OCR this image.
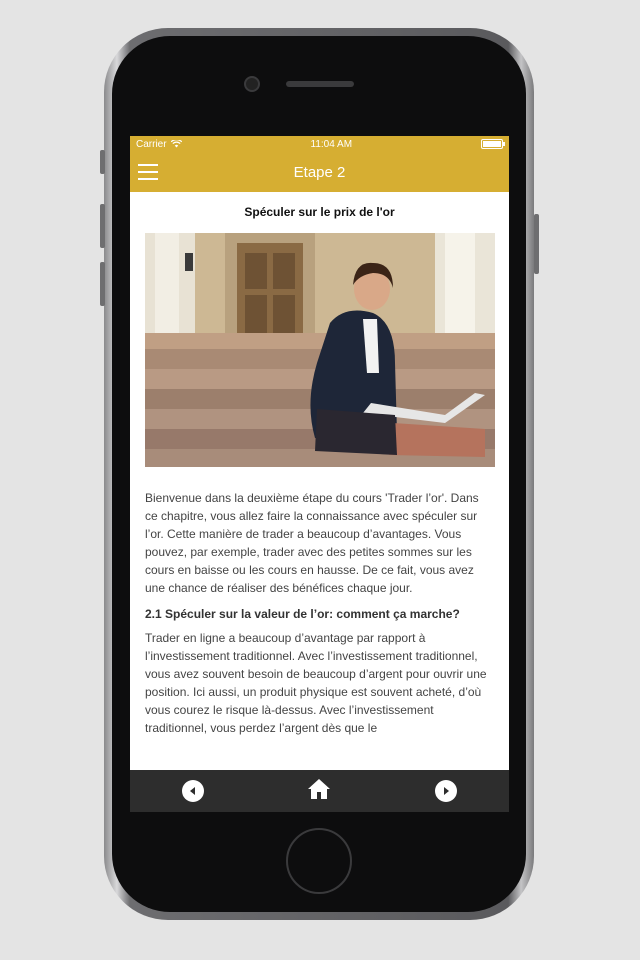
Carrier	11:04 AM
Etape 2
Spéculer sur le prix de l'or

Bienvenue dans la deuxième étape du cours 'Trader l’or'. Dans ce chapitre, vous allez faire la connaissance avec spéculer sur l’or. Cette manière de trader a beaucoup d’avantages. Vous pouvez, par exemple, trader avec des petites sommes sur les cours en baisse ou les cours en hausse. De ce fait, vous avez une chance de réaliser des bénéfices chaque jour.

2.1 Spéculer sur la valeur de l’or: comment ça marche?

Trader en ligne a beaucoup d’avantage par rapport à l’investissement traditionnel. Avec l’investissement traditionnel, vous avez souvent besoin de beaucoup d’argent pour ouvrir une position. Ici aussi, un produit physique est souvent acheté, d’où vous courez le risque là-dessus. Avec l’investissement traditionnel, vous perdez l’argent dès que le
